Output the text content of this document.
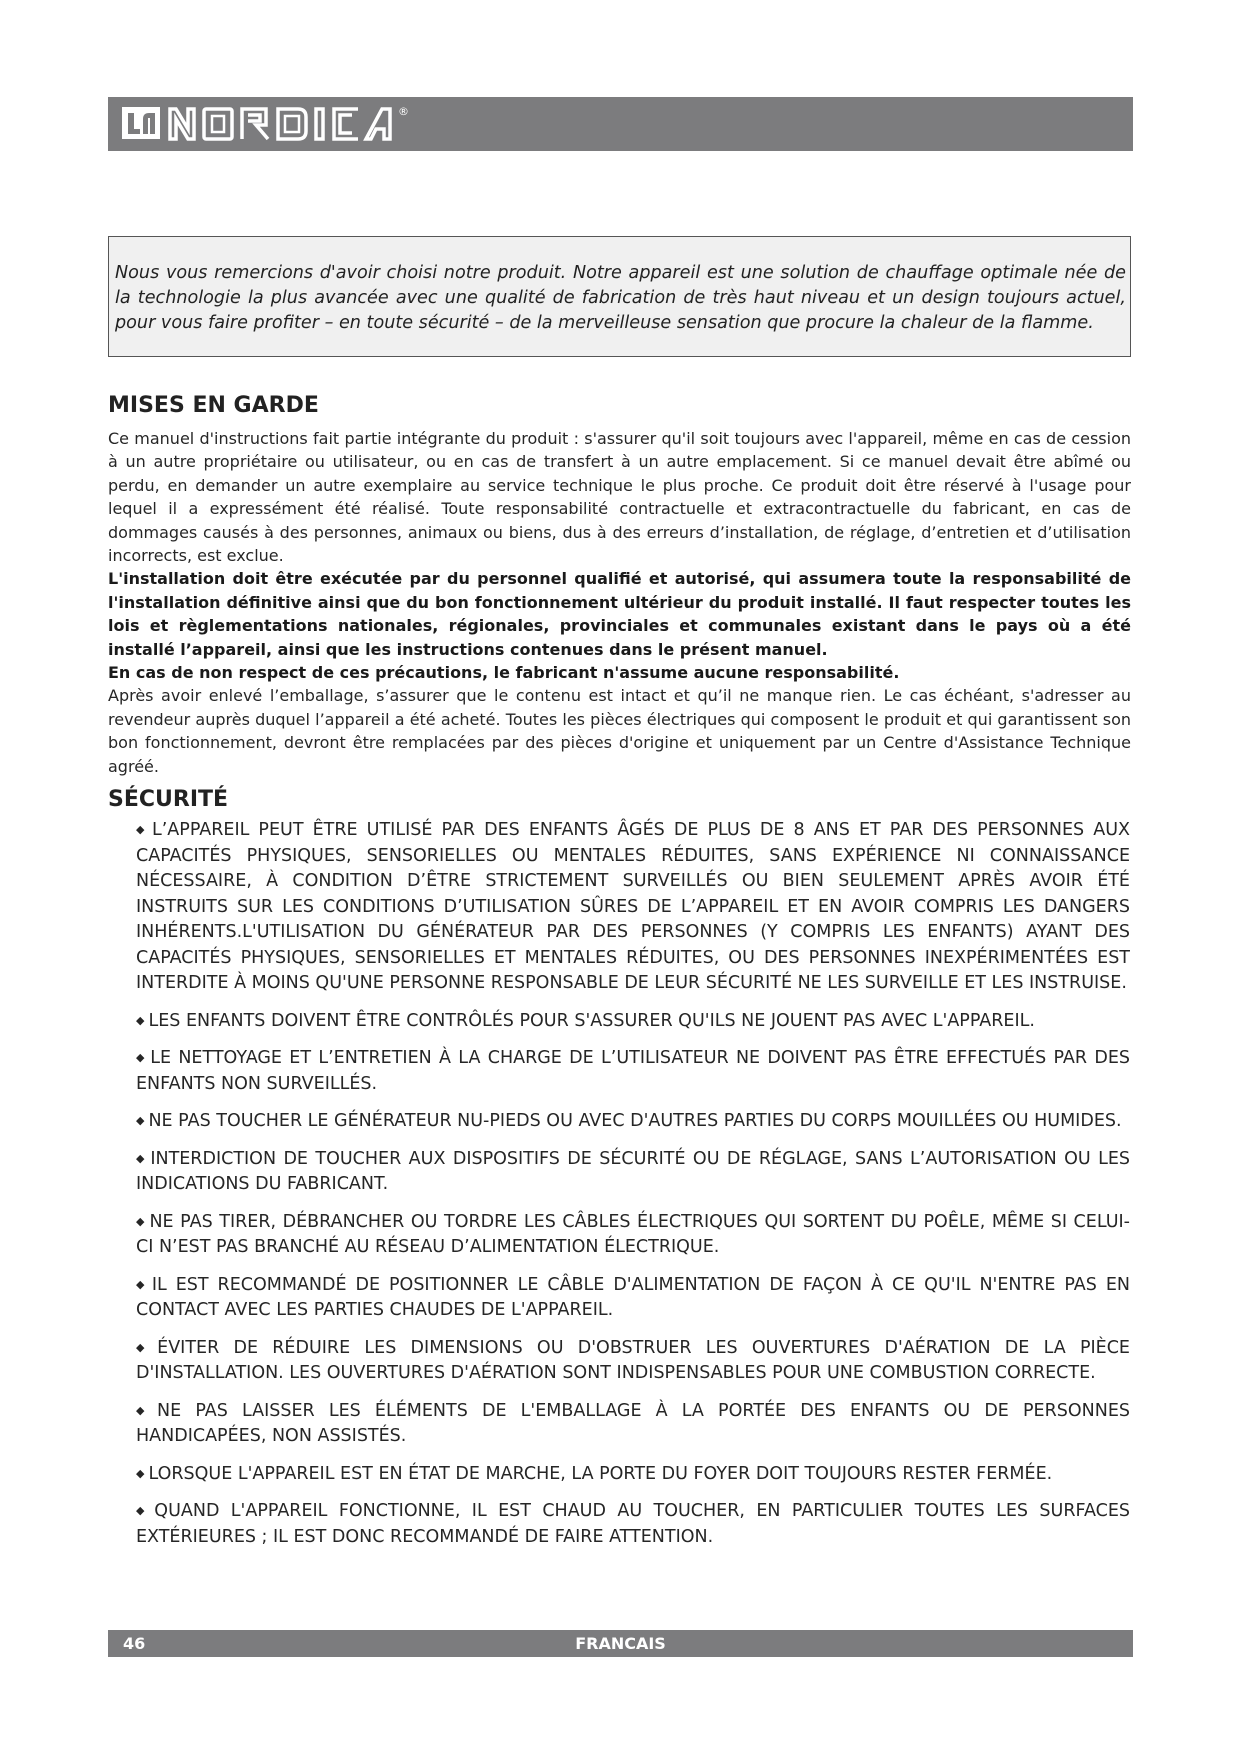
®

Nous vous remercions d'avoir choisi notre produit. Notre appareil est une solution de chauffage optimale née de la technologie la plus avancée avec une qualité de fabrication de très haut niveau et un design toujours actuel, pour vous faire profiter – en toute sécurité – de la merveilleuse sensation que procure la chaleur de la flamme.

MISES EN GARDE

Ce manuel d'instructions fait partie intégrante du produit : s'assurer qu'il soit toujours avec l'appareil, même en cas de cession à un autre propriétaire ou utilisateur, ou en cas de transfert à un autre emplacement. Si ce manuel devait être abîmé ou perdu, en demander un autre exemplaire au service technique le plus proche. Ce produit doit être réservé à l'usage pour lequel il a expressément été réalisé. Toute responsabilité contractuelle et extracontractuelle du fabricant, en cas de dommages causés à des personnes, animaux ou biens, dus à des erreurs d’installation, de réglage, d’entretien et d’utilisation incorrects, est exclue.

L'installation doit être exécutée par du personnel qualifié et autorisé, qui assumera toute la responsabilité de l'installation définitive ainsi que du bon fonctionnement ultérieur du produit installé. Il faut respecter toutes les lois et règlementations nationales, régionales, provinciales et communales existant dans le pays où a été installé l’appareil, ainsi que les instructions contenues dans le présent manuel.

En cas de non respect de ces précautions, le fabricant n'assume aucune responsabilité.

Après avoir enlevé l’emballage, s’assurer que le contenu est intact et qu’il ne manque rien. Le cas échéant, s'adresser au revendeur auprès duquel l’appareil a été acheté. Toutes les pièces électriques qui composent le produit et qui garantissent son bon fonctionnement, devront être remplacées par des pièces d'origine et uniquement par un Centre d'Assistance Technique agréé.

SÉCURITÉ

◆ L’APPAREIL PEUT ÊTRE UTILISÉ PAR DES ENFANTS ÂGÉS DE PLUS DE 8 ANS ET PAR DES PERSONNES AUX CAPACITÉS PHYSIQUES, SENSORIELLES OU MENTALES RÉDUITES, SANS EXPÉRIENCE NI CONNAISSANCE NÉCESSAIRE, À CONDITION D’ÊTRE STRICTEMENT SURVEILLÉS OU BIEN SEULEMENT APRÈS AVOIR ÉTÉ INSTRUITS SUR LES CONDITIONS D’UTILISATION SÛRES DE L’APPAREIL ET EN AVOIR COMPRIS LES DANGERS INHÉRENTS.L'UTILISATION DU GÉNÉRATEUR PAR DES PERSONNES (Y COMPRIS LES ENFANTS) AYANT DES CAPACITÉS PHYSIQUES, SENSORIELLES ET MENTALES RÉDUITES, OU DES PERSONNES INEXPÉRIMENTÉES EST INTERDITE À MOINS QU'UNE PERSONNE RESPONSABLE DE LEUR SÉCURITÉ NE LES SURVEILLE ET LES INSTRUISE.

◆ LES ENFANTS DOIVENT ÊTRE CONTRÔLÉS POUR S'ASSURER QU'ILS NE JOUENT PAS AVEC L'APPAREIL.

◆ LE NETTOYAGE ET L’ENTRETIEN À LA CHARGE DE L’UTILISATEUR NE DOIVENT PAS ÊTRE EFFECTUÉS PAR DES ENFANTS NON SURVEILLÉS.

◆ NE PAS TOUCHER LE GÉNÉRATEUR NU-PIEDS OU AVEC D'AUTRES PARTIES DU CORPS MOUILLÉES OU HUMIDES.

◆ INTERDICTION DE TOUCHER AUX DISPOSITIFS DE SÉCURITÉ OU DE RÉGLAGE, SANS L’AUTORISATION OU LES INDICATIONS DU FABRICANT.

◆ NE PAS TIRER, DÉBRANCHER OU TORDRE LES CÂBLES ÉLECTRIQUES QUI SORTENT DU POÊLE, MÊME SI CELUI-CI N’EST PAS BRANCHÉ AU RÉSEAU D’ALIMENTATION ÉLECTRIQUE.

◆ IL EST RECOMMANDÉ DE POSITIONNER LE CÂBLE D'ALIMENTATION DE FAÇON À CE QU'IL N'ENTRE PAS EN CONTACT AVEC LES PARTIES CHAUDES DE L'APPAREIL.

◆ ÉVITER DE RÉDUIRE LES DIMENSIONS OU D'OBSTRUER LES OUVERTURES D'AÉRATION DE LA PIÈCE D'INSTALLATION. LES OUVERTURES D'AÉRATION SONT INDISPENSABLES POUR UNE COMBUSTION CORRECTE.

◆ NE PAS LAISSER LES ÉLÉMENTS DE L'EMBALLAGE À LA PORTÉE DES ENFANTS OU DE PERSONNES HANDICAPÉES, NON ASSISTÉS.

◆ LORSQUE L'APPAREIL EST EN ÉTAT DE MARCHE, LA PORTE DU FOYER DOIT TOUJOURS RESTER FERMÉE.

◆ QUAND L'APPAREIL FONCTIONNE, IL EST CHAUD AU TOUCHER, EN PARTICULIER TOUTES LES SURFACES EXTÉRIEURES ; IL EST DONC RECOMMANDÉ DE FAIRE ATTENTION.

46	FRANCAIS
